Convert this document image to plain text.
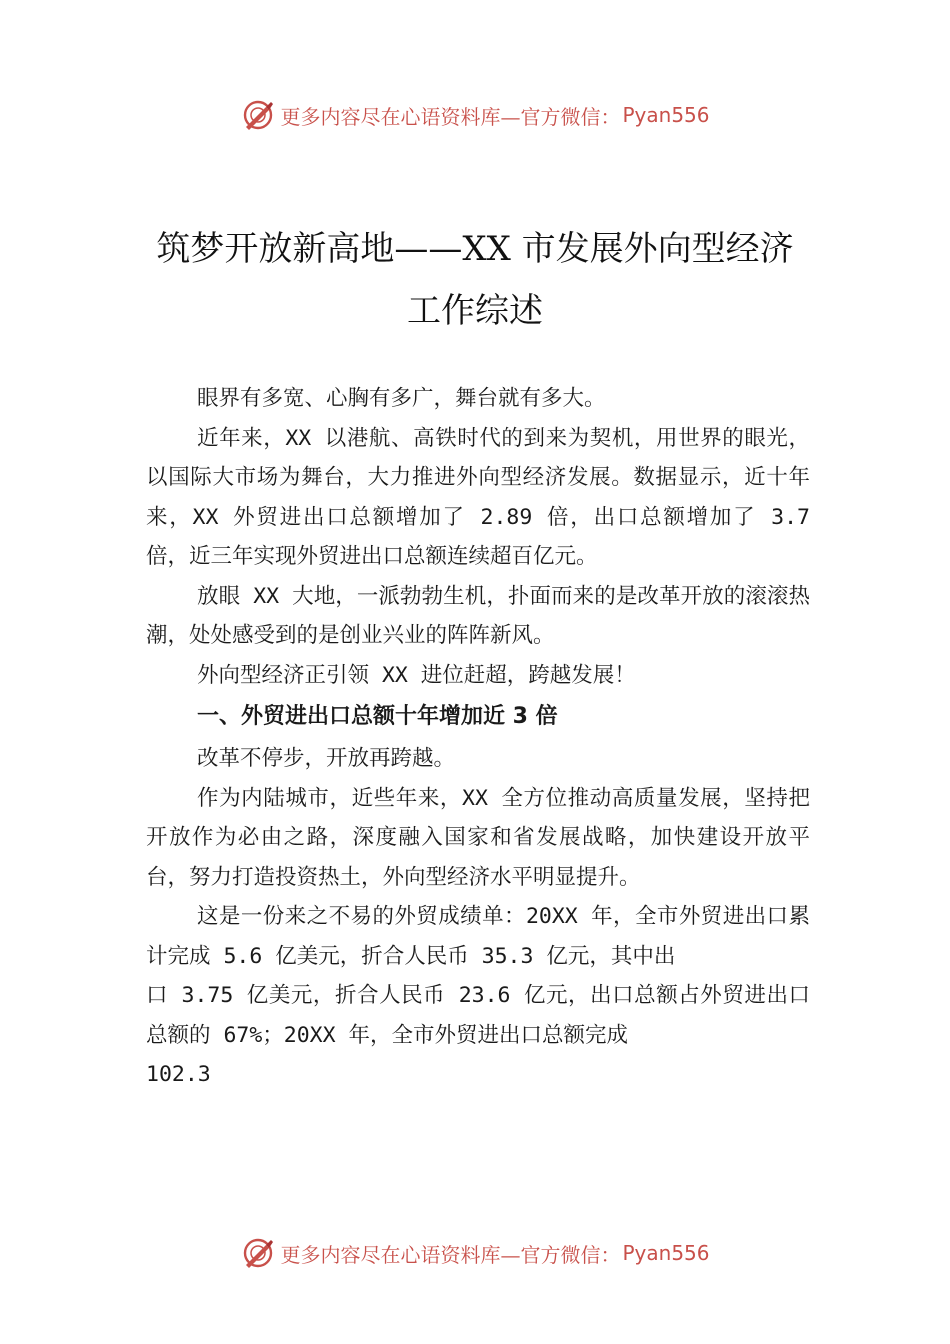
更多内容尽在心语资料库—官方微信： Pyan556
筑梦开放新高地——XX 市发展外向型经济
工作综述

眼界有多宽、心胸有多广，舞台就有多大。

近年来，XX 以港航、高铁时代的到来为契机，用世界的眼光，以国际大市场为舞台，大力推进外向型经济发展。数据显示，近十年来，XX 外贸进出口总额增加了 2.89 倍，出口总额增加了 3.7 倍，近三年实现外贸进出口总额连续超百亿元。

放眼 XX 大地，一派勃勃生机，扑面而来的是改革开放的滚滚热潮，处处感受到的是创业兴业的阵阵新风。

外向型经济正引领 XX 进位赶超，跨越发展！

一、外贸进出口总额十年增加近 3 倍

改革不停步，开放再跨越。

作为内陆城市，近些年来，XX 全方位推动高质量发展，坚持把开放作为必由之路，深度融入国家和省发展战略，加快建设开放平台，努力打造投资热土，外向型经济水平明显提升。

这是一份来之不易的外贸成绩单：20XX 年，全市外贸进出口累计完成 5.6 亿美元，折合人民币 35.3 亿元，其中出

口 3.75 亿美元，折合人民币 23.6 亿元，出口总额占外贸进出口总额的 67%；20XX 年，全市外贸进出口总额完成

102.3

更多内容尽在心语资料库—官方微信： Pyan556
